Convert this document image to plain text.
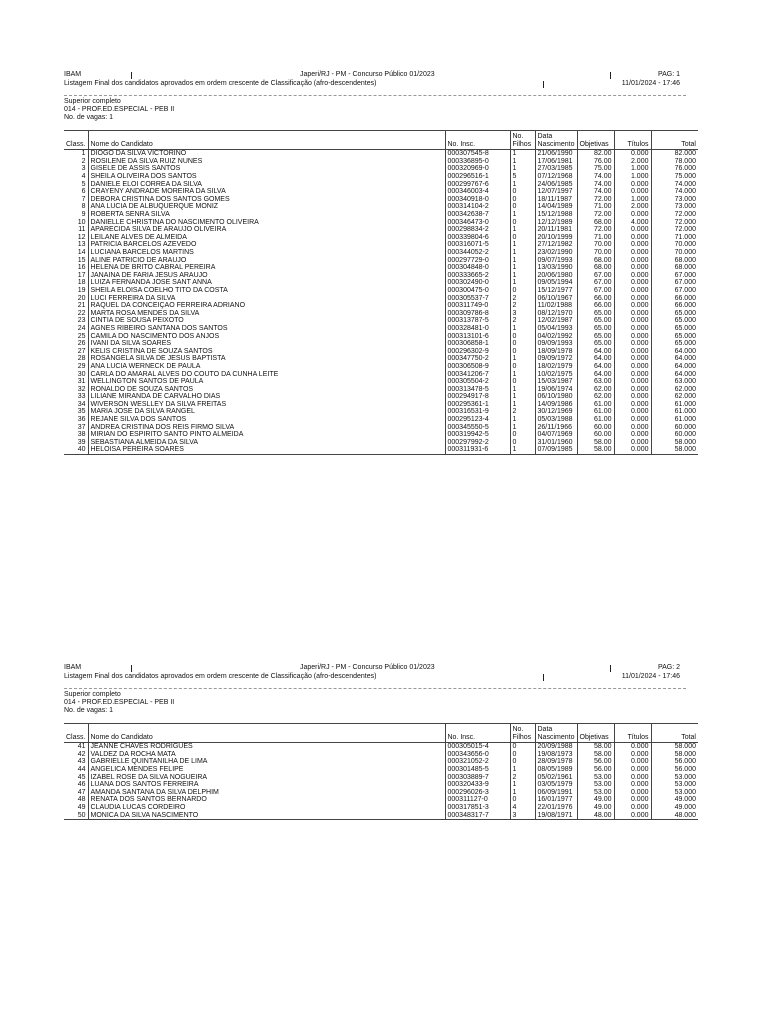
IBAM	Japeri/RJ - PM - Concurso Público 01/2023	PAG: 1
Listagem Final dos candidatos aprovados em ordem crescente de Classificação (afro-descendentes)	11/01/2024 - 17:46
Superior completo
014 - PROF.ED.ESPECIAL - PEB II
No. de vagas: 1
Class.	Nome do Candidato	No. Insc.	No. Filhos	Data Nascimento	Objetivas	Títulos	Total
1	DIOGO DA SILVA VICTORINO	000307545-8	1	21/06/1990	82.00	0.000	82.000
2	ROSILENE DA SILVA RUIZ NUNES	000336895-0	1	17/06/1981	76.00	2.000	78.000
3	GISELE DE ASSIS SANTOS	000320969-0	1	27/03/1985	75.00	1.000	76.000
4	SHEILA OLIVEIRA DOS SANTOS	000296516-1	5	07/12/1968	74.00	1.000	75.000
5	DANIELE ELOI CORREA DA SILVA	000299767-6	1	24/06/1985	74.00	0.000	74.000
6	CRAYENY ANDRADE MOREIRA DA SILVA	000346003-4	0	12/07/1997	74.00	0.000	74.000
7	DEBORA CRISTINA DOS SANTOS GOMES	000340918-0	0	18/11/1987	72.00	1.000	73.000
8	ANA LUCIA DE ALBUQUERQUE MONIZ	000314104-2	0	14/04/1989	71.00	2.000	73.000
9	ROBERTA SENRA SILVA	000342638-7	1	15/12/1988	72.00	0.000	72.000
10	DANIELLE CHRISTINA DO NASCIMENTO OLIVEIRA	000346473-0	0	12/12/1989	68.00	4.000	72.000
11	APARECIDA SILVA DE ARAUJO OLIVEIRA	000298834-2	1	20/11/1981	72.00	0.000	72.000
12	LEILANE ALVES DE ALMEIDA	000339804-6	0	20/10/1999	71.00	0.000	71.000
13	PATRICIA BARCELOS AZEVEDO	000316071-5	1	27/12/1982	70.00	0.000	70.000
14	LUCIANA BARCELOS MARTINS	000344052-2	1	23/02/1990	70.00	0.000	70.000
15	ALINE PATRICIO DE ARAUJO	000297729-0	1	09/07/1993	68.00	0.000	68.000
16	HELENA DE BRITO CABRAL PEREIRA	000304848-0	1	13/03/1990	68.00	0.000	68.000
17	JANAINA DE FARIA JESUS ARAUJO	000333665-2	1	20/06/1980	67.00	0.000	67.000
18	LUIZA FERNANDA JOSE SANT ANNA	000302490-0	1	09/05/1994	67.00	0.000	67.000
19	SHEILA ELOISA COELHO TITO DA COSTA	000300475-0	0	15/12/1977	67.00	0.000	67.000
20	LUCI FERREIRA DA SILVA	000305537-7	2	06/10/1967	66.00	0.000	66.000
21	RAQUEL DA CONCEIÇAO FERREIRA ADRIANO	000311749-0	2	11/02/1988	66.00	0.000	66.000
22	MARTA ROSA MENDES DA SILVA	000309786-8	3	08/12/1970	65.00	0.000	65.000
23	CINTIA DE SOUSA PEIXOTO	000313787-5	2	12/02/1987	65.00	0.000	65.000
24	AGNES RIBEIRO SANTANA DOS SANTOS	000328481-0	1	05/04/1993	65.00	0.000	65.000
25	CAMILA DO NASCIMENTO DOS ANJOS	000313101-6	0	04/02/1992	65.00	0.000	65.000
26	IVANI DA SILVA SOARES	000306858-1	0	09/09/1993	65.00	0.000	65.000
27	KELIS CRISTINA DE SOUZA SANTOS	000296302-9	0	18/09/1978	64.00	0.000	64.000
28	ROSANGELA SILVA DE JESUS BAPTISTA	000347750-2	1	09/09/1972	64.00	0.000	64.000
29	ANA LUCIA WERNECK DE PAULA	000306508-9	0	18/02/1979	64.00	0.000	64.000
30	CARLA DO AMARAL ALVES DO COUTO DA CUNHA LEITE	000341206-7	1	10/02/1975	64.00	0.000	64.000
31	WELLINGTON SANTOS DE PAULA	000305504-2	0	15/03/1987	63.00	0.000	63.000
32	RONALDO DE SOUZA SANTOS	000313478-5	1	19/06/1974	62.00	0.000	62.000
33	LILIANE MIRANDA DE CARVALHO DIAS	000294917-8	1	06/10/1980	62.00	0.000	62.000
34	WIVERSON WESLLEY DA SILVA FREITAS	000295361-1	1	14/09/1986	61.00	0.000	61.000
35	MARIA JOSE DA SILVA RANGEL	000316531-9	2	30/12/1969	61.00	0.000	61.000
36	REJANE SILVA DOS SANTOS	000295123-4	1	05/03/1988	61.00	0.000	61.000
37	ANDREA CRISTINA DOS REIS FIRMO SILVA	000345550-5	1	26/11/1966	60.00	0.000	60.000
38	MIRIAN DO ESPIRITO SANTO PINTO ALMEIDA	000319942-5	0	04/07/1969	60.00	0.000	60.000
39	SEBASTIANA ALMEIDA DA SILVA	000297992-2	0	31/01/1960	58.00	0.000	58.000
40	HELOISA PEREIRA SOARES	000311931-6	1	07/09/1985	58.00	0.000	58.000
IBAM	Japeri/RJ - PM - Concurso Público 01/2023	PAG: 2
Listagem Final dos candidatos aprovados em ordem crescente de Classificação (afro-descendentes)	11/01/2024 - 17:46
Superior completo
014 - PROF.ED.ESPECIAL - PEB II
No. de vagas: 1
Class.	Nome do Candidato	No. Insc.	No. Filhos	Data Nascimento	Objetivas	Títulos	Total
41	JEANNE CHAVES RODRIGUES	000305015-4	0	20/09/1988	58.00	0.000	58.000
42	VALDEZ DA ROCHA MATA	000343656-0	0	19/08/1973	58.00	0.000	58.000
43	GABRIELLE QUINTANILHA DE LIMA	000321052-2	0	28/09/1978	56.00	0.000	56.000
44	ANGELICA MENDES FELIPE	000301485-5	1	08/05/1989	56.00	0.000	56.000
45	IZABEL ROSE DA SILVA NOGUEIRA	000303889-7	2	05/02/1961	53.00	0.000	53.000
46	LUANA DOS SANTOS FERREIRA	000320433-9	1	03/05/1979	53.00	0.000	53.000
47	AMANDA SANTANA DA SILVA DELPHIM	000296026-3	1	06/09/1991	53.00	0.000	53.000
48	RENATA DOS SANTOS BERNARDO	000311127-0	0	16/01/1977	49.00	0.000	49.000
49	CLAUDIA LUCAS CORDEIRO	000317851-3	4	22/01/1976	49.00	0.000	49.000
50	MONICA DA SILVA NASCIMENTO	000348317-7	3	19/08/1971	48.00	0.000	48.000
